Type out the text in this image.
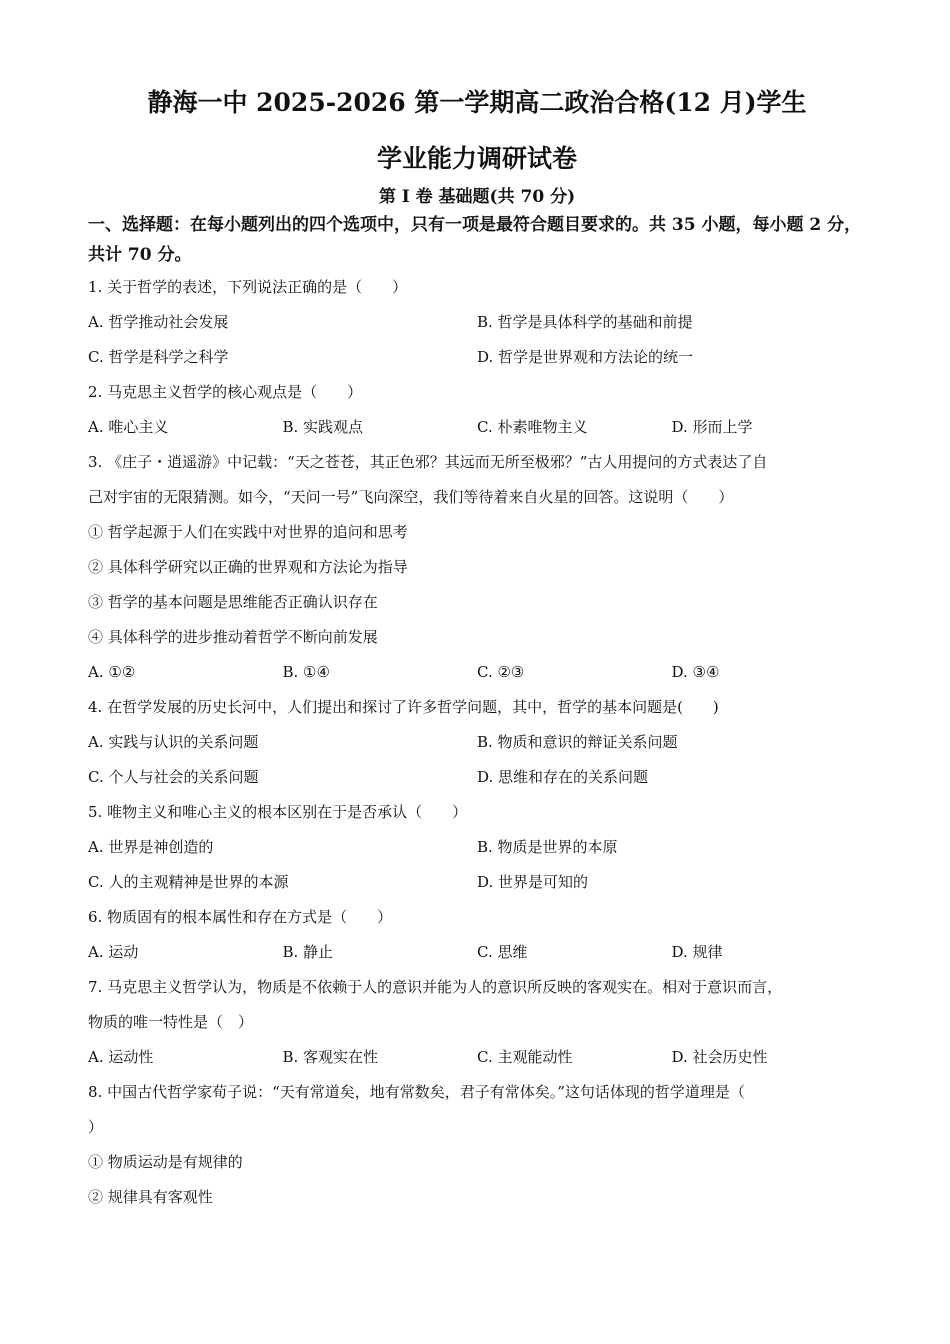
静海一中 2025-2026 第一学期高二政治合格(12 月)学生
学业能力调研试卷
第 I 卷 基础题(共 70 分)
一、选择题：在每小题列出的四个选项中，只有一项是最符合题目要求的。共 35 小题，每小题 2 分，共计 70 分。
1. 关于哲学的表述，下列说法正确的是（　　）
A. 哲学推动社会发展	B. 哲学是具体科学的基础和前提
C. 哲学是科学之科学	D. 哲学是世界观和方法论的统一
2. 马克思主义哲学的核心观点是（　　）
A. 唯心主义	B. 实践观点	C. 朴素唯物主义	D. 形而上学
3. 《庄子・逍遥游》中记载：“天之苍苍，其正色邪？其远而无所至极邪？”古人用提问的方式表达了自
己对宇宙的无限猜测。如今，“天问一号”飞向深空，我们等待着来自火星的回答。这说明（　　）
① 哲学起源于人们在实践中对世界的追问和思考
② 具体科学研究以正确的世界观和方法论为指导
③ 哲学的基本问题是思维能否正确认识存在
④ 具体科学的进步推动着哲学不断向前发展
A. ①②	B. ①④	C. ②③	D. ③④
4. 在哲学发展的历史长河中，人们提出和探讨了许多哲学问题，其中，哲学的基本问题是(　　)
A. 实践与认识的关系问题	B. 物质和意识的辩证关系问题
C. 个人与社会的关系问题	D. 思维和存在的关系问题
5. 唯物主义和唯心主义的根本区别在于是否承认（　　）
A. 世界是神创造的	B. 物质是世界的本原
C. 人的主观精神是世界的本源	D. 世界是可知的
6. 物质固有的根本属性和存在方式是（　　）
A. 运动	B. 静止	C. 思维	D. 规律
7. 马克思主义哲学认为，物质是不依赖于人的意识并能为人的意识所反映的客观实在。相对于意识而言，
物质的唯一特性是（　）
A. 运动性	B. 客观实在性	C. 主观能动性	D. 社会历史性
8. 中国古代哲学家荀子说：“天有常道矣，地有常数矣，君子有常体矣。”这句话体现的哲学道理是（
）
① 物质运动是有规律的
② 规律具有客观性
